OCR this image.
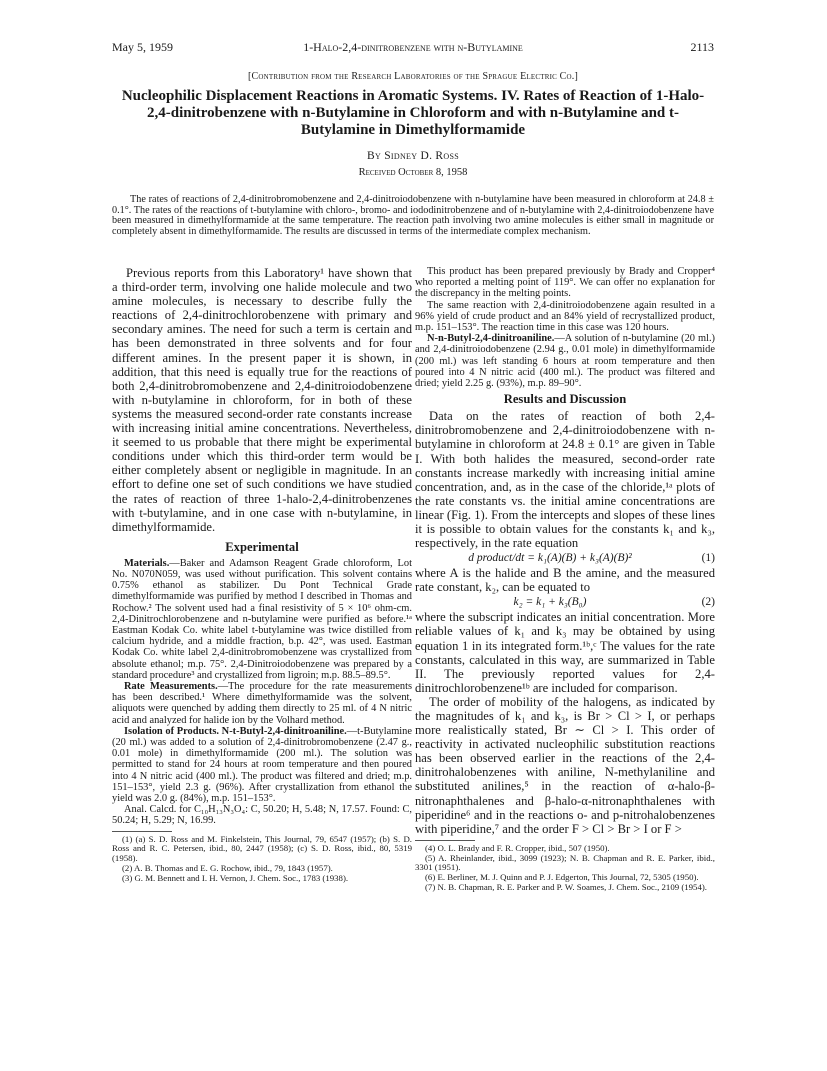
May 5, 1959	1-Halo-2,4-dinitrobenzene with n-Butylamine	2113
[Contribution from the Research Laboratories of the Sprague Electric Co.]
Nucleophilic Displacement Reactions in Aromatic Systems. IV. Rates of Reaction of 1-Halo-2,4-dinitrobenzene with n-Butylamine in Chloroform and with n-Butylamine and t-Butylamine in Dimethylformamide
By Sidney D. Ross
Received October 8, 1958

The rates of reactions of 2,4-dinitrobromobenzene and 2,4-dinitroiodobenzene with n-butylamine have been measured in chloroform at 24.8 ± 0.1°. The rates of the reactions of t-butylamine with chloro-, bromo- and iododinitrobenzene and of n-butylamine with 2,4-dinitroiodobenzene have been measured in dimethylformamide at the same temperature. The reaction path involving two amine molecules is either small in magnitude or completely absent in dimethylformamide. The results are discussed in terms of the intermediate complex mechanism.

Previous reports from this Laboratory¹ have shown that a third-order term, involving one halide molecule and two amine molecules, is necessary to describe fully the reactions of 2,4-dinitrochlorobenzene with primary and secondary amines. The need for such a term is certain and has been demonstrated in three solvents and for four different amines. In the present paper it is shown, in addition, that this need is equally true for the reactions of both 2,4-dinitrobromobenzene and 2,4-dinitroiodobenzene with n-butylamine in chloroform, for in both of these systems the measured second-order rate constants increase with increasing initial amine concentrations. Nevertheless, it seemed to us probable that there might be experimental conditions under which this third-order term would be either completely absent or negligible in magnitude. In an effort to define one set of such conditions we have studied the rates of reaction of three 1-halo-2,4-dinitrobenzenes with t-butylamine, and in one case with n-butylamine, in dimethylformamide.

Experimental

Materials.—Baker and Adamson Reagent Grade chloroform, Lot No. N070N059, was used without purification. This solvent contains 0.75% ethanol as stabilizer. Du Pont Technical Grade dimethylformamide was purified by method I described in Thomas and Rochow.² The solvent used had a final resistivity of 5 × 10⁶ ohm-cm. 2,4-Dinitrochlorobenzene and n-butylamine were purified as before.¹ᵃ Eastman Kodak Co. white label t-butylamine was twice distilled from calcium hydride, and a middle fraction, b.p. 42°, was used. Eastman Kodak Co. white label 2,4-dinitrobromobenzene was crystallized from absolute ethanol; m.p. 75°. 2,4-Dinitroiodobenzene was prepared by a standard procedure³ and crystallized from ligroin; m.p. 88.5–89.5°.

Rate Measurements.—The procedure for the rate measurements has been described.¹ Where dimethylformamide was the solvent, aliquots were quenched by adding them directly to 25 ml. of 4 N nitric acid and analyzed for halide ion by the Volhard method.

Isolation of Products. N-t-Butyl-2,4-dinitroaniline.—t-Butylamine (20 ml.) was added to a solution of 2,4-dinitrobromobenzene (2.47 g., 0.01 mole) in dimethylformamide (200 ml.). The solution was permitted to stand for 24 hours at room temperature and then poured into 4 N nitric acid (400 ml.). The product was filtered and dried; m.p. 151–153°, yield 2.3 g. (96%). After crystallization from ethanol the yield was 2.0 g. (84%), m.p. 151–153°.

Anal. Calcd. for C₁₀H₁₃N₃O₄: C, 50.20; H, 5.48; N, 17.57. Found: C, 50.24; H, 5.29; N, 16.99.

(1) (a) S. D. Ross and M. Finkelstein, This Journal, 79, 6547 (1957); (b) S. D. Ross and R. C. Petersen, ibid., 80, 2447 (1958); (c) S. D. Ross, ibid., 80, 5319 (1958).

(2) A. B. Thomas and E. G. Rochow, ibid., 79, 1843 (1957).

(3) G. M. Bennett and I. H. Vernon, J. Chem. Soc., 1783 (1938).

This product has been prepared previously by Brady and Cropper⁴ who reported a melting point of 119°. We can offer no explanation for the discrepancy in the melting points.

The same reaction with 2,4-dinitroiodobenzene again resulted in a 96% yield of crude product and an 84% yield of recrystallized product, m.p. 151–153°. The reaction time in this case was 120 hours.

N-n-Butyl-2,4-dinitroaniline.—A solution of n-butylamine (20 ml.) and 2,4-dinitroiodobenzene (2.94 g., 0.01 mole) in dimethylformamide (200 ml.) was left standing 6 hours at room temperature and then poured into 4 N nitric acid (400 ml.). The product was filtered and dried; yield 2.25 g. (93%), m.p. 89–90°.

Results and Discussion

Data on the rates of reaction of both 2,4-dinitrobromobenzene and 2,4-dinitroiodobenzene with n-butylamine in chloroform at 24.8 ± 0.1° are given in Table I. With both halides the measured, second-order rate constants increase markedly with increasing initial amine concentration, and, as in the case of the chloride,¹ᵃ plots of the rate constants vs. the initial amine concentrations are linear (Fig. 1). From the intercepts and slopes of these lines it is possible to obtain values for the constants k₁ and k₃, respectively, in the rate equation

d product/dt = k₁(A)(B) + k₃(A)(B)²	(1)

where A is the halide and B the amine, and the measured rate constant, k₂, can be equated to

k₂ = k₁ + k₃(B₀)	(2)

where the subscript indicates an initial concentration. More reliable values of k₁ and k₃ may be obtained by using equation 1 in its integrated form.¹ᵇ,ᶜ The values for the rate constants, calculated in this way, are summarized in Table II. The previously reported values for 2,4-dinitrochlorobenzene¹ᵇ are included for comparison.

The order of mobility of the halogens, as indicated by the magnitudes of k₁ and k₃, is Br > Cl > I, or perhaps more realistically stated, Br ∼ Cl > I. This order of reactivity in activated nucleophilic substitution reactions has been observed earlier in the reactions of the 2,4-dinitrohalobenzenes with aniline, N-methylaniline and substituted anilines,⁵ in the reaction of α-halo-β-nitronaphthalenes and β-halo-α-nitronaphthalenes with piperidine⁶ and in the reactions o- and p-nitrohalobenzenes with piperidine,⁷ and the order F > Cl > Br > I or F >

(4) O. L. Brady and F. R. Cropper, ibid., 507 (1950).

(5) A. Rheinlander, ibid., 3099 (1923); N. B. Chapman and R. E. Parker, ibid., 3301 (1951).

(6) E. Berliner, M. J. Quinn and P. J. Edgerton, This Journal, 72, 5305 (1950).

(7) N. B. Chapman, R. E. Parker and P. W. Soames, J. Chem. Soc., 2109 (1954).
